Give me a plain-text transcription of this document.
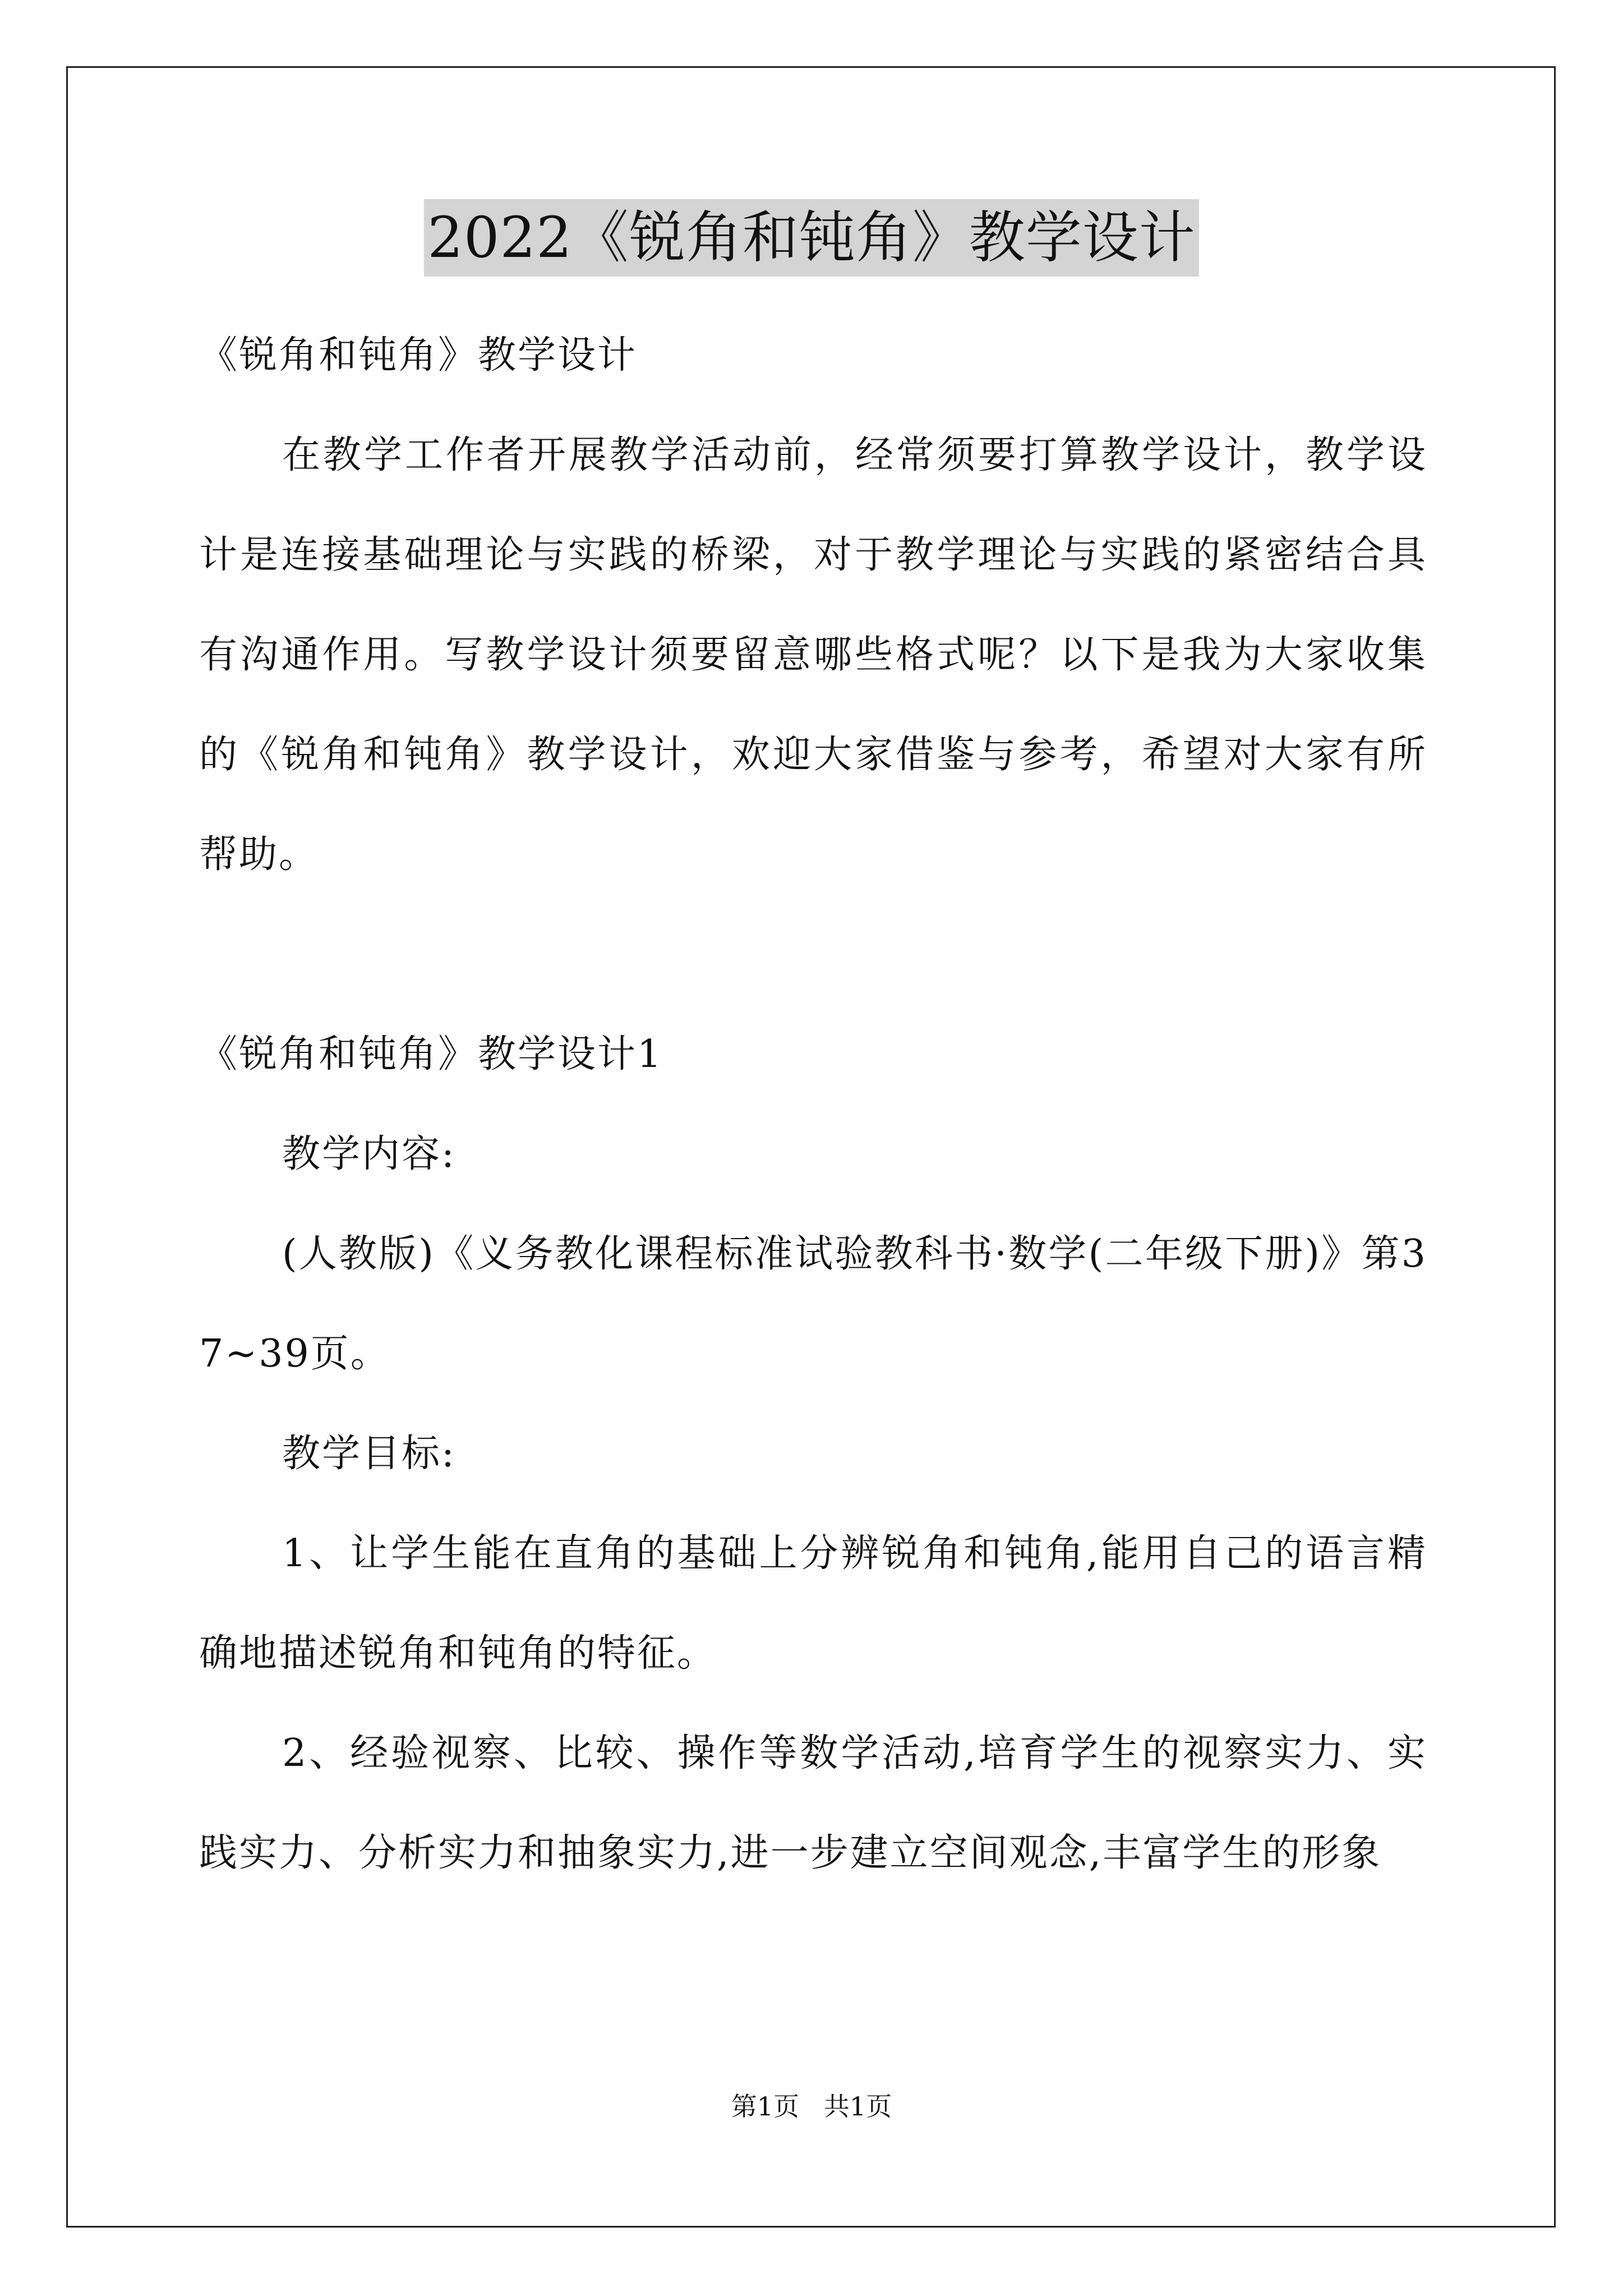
2022《锐角和钝角》教学设计

《锐角和钝角》教学设计

在教学工作者开展教学活动前，经常须要打算教学设计，教学设计是连接基础理论与实践的桥梁，对于教学理论与实践的紧密结合具有沟通作用。写教学设计须要留意哪些格式呢？以下是我为大家收集的《锐角和钝角》教学设计，欢迎大家借鉴与参考，希望对大家有所帮助。

《锐角和钝角》教学设计1

教学内容:

(人教版)《义务教化课程标准试验教科书·数学(二年级下册)》第37~39页。

教学目标:

1、让学生能在直角的基础上分辨锐角和钝角,能用自己的语言精确地描述锐角和钝角的特征。

2、经验视察、比较、操作等数学活动,培育学生的视察实力、实践实力、分析实力和抽象实力,进一步建立空间观念,丰富学生的形象

第1页   共1页
